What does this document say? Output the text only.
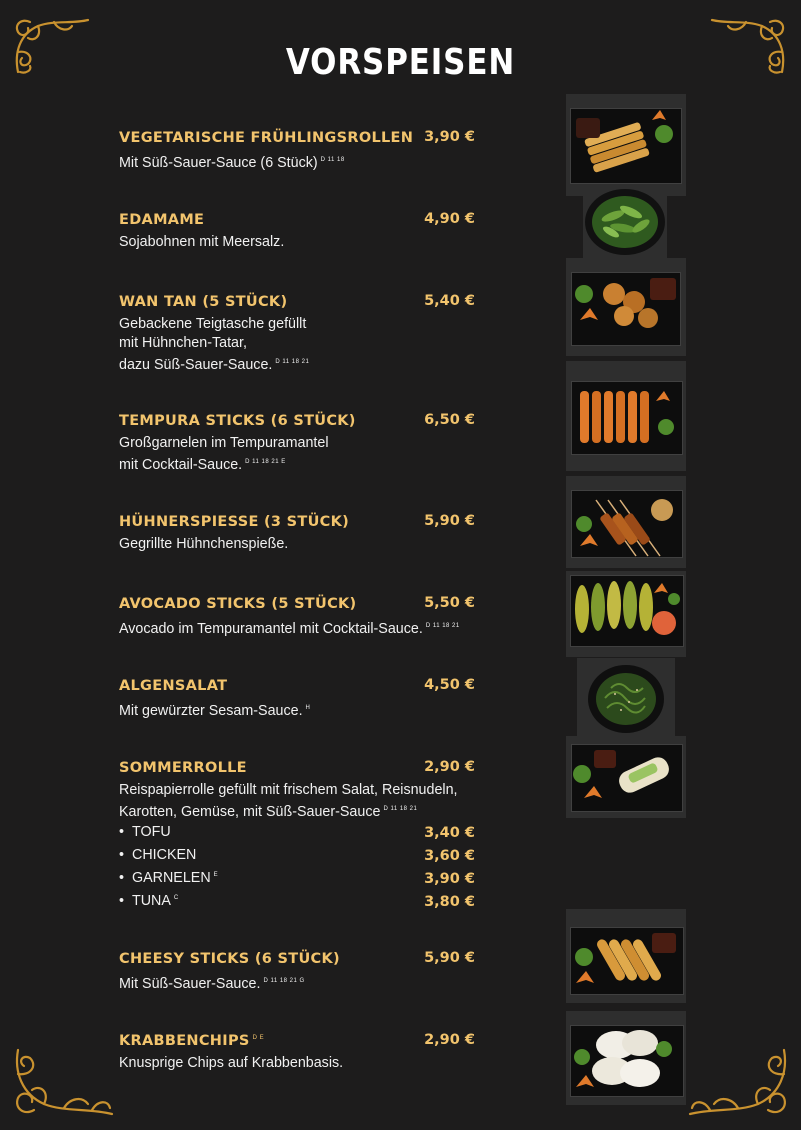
VORSPEISEN
VEGETARISCHE FRÜHLINGSROLLEN 3,90 €
Mit Süß-Sauer-Sauce (6 Stück) $^{D 11 18}$
EDAMAME	4,90 €
Sojabohnen mit Meersalz.
WAN TAN (5 STÜCK)	5,40 €
Gebackene Teigtasche gefüllt
mit Hühnchen-Tatar,
dazu Süß-Sauer-Sauce. $^{D 11 18 21}$
TEMPURA STICKS (6 STÜCK)	6,50 €
Großgarnelen im Tempuramantel
mit Cocktail-Sauce. $^{D 11 18 21 E}$
HÜHNERSPIESSE (3 STÜCK)	5,90 €
Gegrillte Hühnchenspieße.
AVOCADO STICKS (5 STÜCK)	5,50 €
Avocado im Tempuramantel mit Cocktail-Sauce. $^{D 11 18 21}$
ALGENSALAT	4,50 €
Mit gewürzter Sesam-Sauce. $^H$
SOMMERROLLE	2,90 €
Reispapierrolle gefüllt mit frischem Salat, Reisnudeln,
Karotten, Gemüse, mit Süß-Sauer-Sauce $^{D 11 18 21}$
• TOFU	3,40 €
• CHICKEN	3,60 €
• GARNELEN $^E$	3,90 €
• TUNA $^C$	3,80 €
CHEESY STICKS (6 STÜCK)	5,90 €
Mit Süß-Sauer-Sauce. $^{D 11 18 21 G}$
KRABBENCHIPS $^{D E}$	2,90 €
Knusprige Chips auf Krabbenbasis.
